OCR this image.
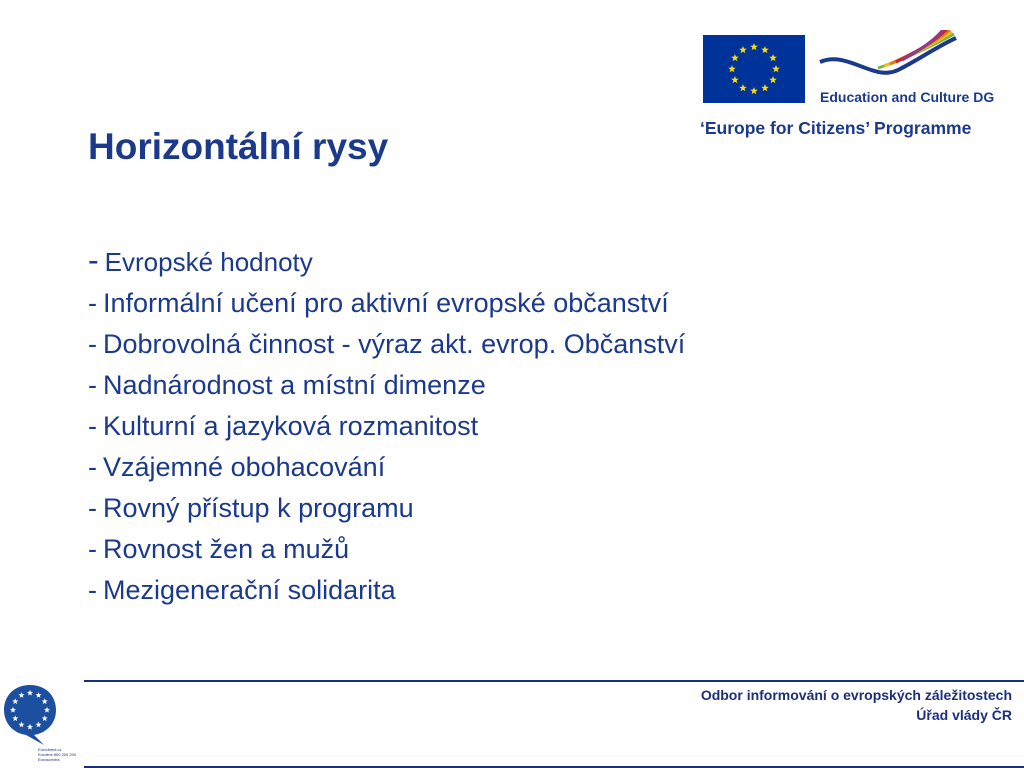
Education and Culture DG
‘Europe for Citizens’ Programme
Horizontální rysy
- Evropské hodnoty
- Informální učení pro aktivní evropské občanství
- Dobrovolná činnost - výraz akt. evrop. Občanství
- Nadnárodnost a místní dimenze
- Kulturní a jazyková rozmanitost
- Vzájemné obohacování
- Rovný přístup k programu
- Rovnost žen a mužů
- Mezigenerační solidarita
Eurodirect.cz
Euroline 800 200 200
Euroscentra
Odbor informování o evropských záležitostech
Úřad vlády ČR
